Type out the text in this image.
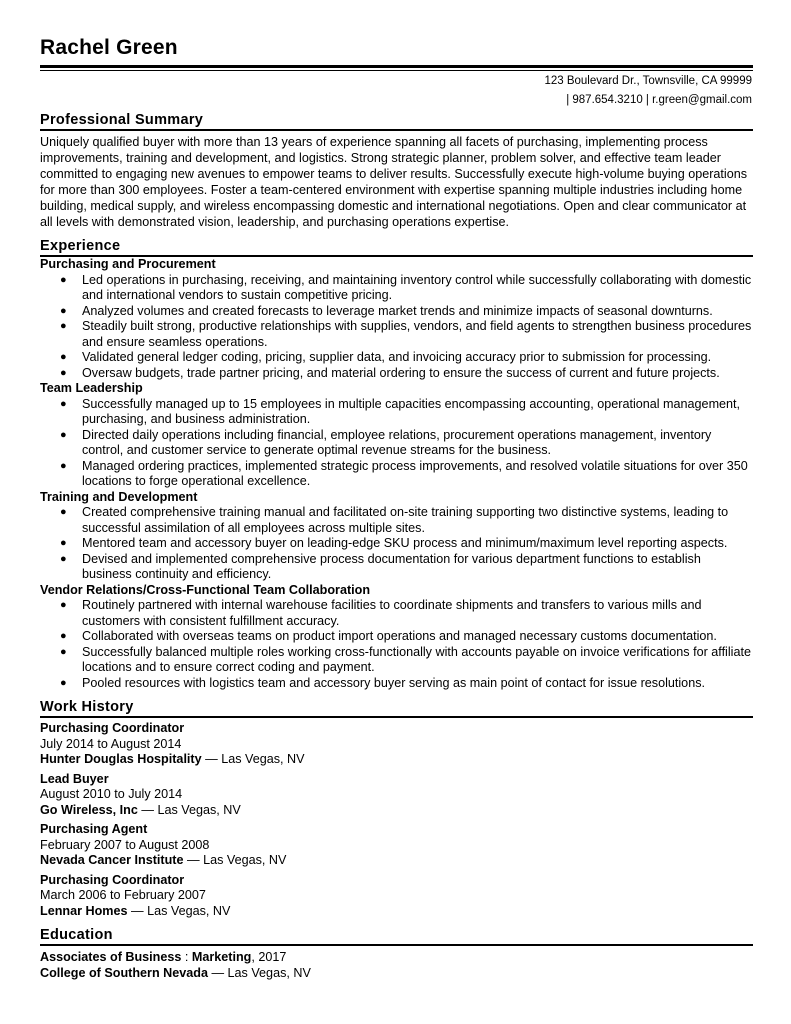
Rachel Green
123 Boulevard Dr., Townsville, CA 99999
| 987.654.3210 | r.green@gmail.com
Professional Summary
Uniquely qualified buyer with more than 13 years of experience spanning all facets of purchasing, implementing process improvements, training and development, and logistics. Strong strategic planner, problem solver, and effective team leader committed to engaging new avenues to empower teams to deliver results. Successfully execute high-volume buying operations for more than 300 employees. Foster a team-centered environment with expertise spanning multiple industries including home building, medical supply, and wireless encompassing domestic and international negotiations. Open and clear communicator at all levels with demonstrated vision, leadership, and purchasing operations expertise.
Experience
Purchasing and Procurement
● Led operations in purchasing, receiving, and maintaining inventory control while successfully collaborating with domestic and international vendors to sustain competitive pricing.
● Analyzed volumes and created forecasts to leverage market trends and minimize impacts of seasonal downturns.
● Steadily built strong, productive relationships with supplies, vendors, and field agents to strengthen business procedures and ensure seamless operations.
● Validated general ledger coding, pricing, supplier data, and invoicing accuracy prior to submission for processing.
● Oversaw budgets, trade partner pricing, and material ordering to ensure the success of current and future projects.
Team Leadership
● Successfully managed up to 15 employees in multiple capacities encompassing accounting, operational management, purchasing, and business administration.
● Directed daily operations including financial, employee relations, procurement operations management, inventory control, and customer service to generate optimal revenue streams for the business.
● Managed ordering practices, implemented strategic process improvements, and resolved volatile situations for over 350 locations to forge operational excellence.
Training and Development
● Created comprehensive training manual and facilitated on-site training supporting two distinctive systems, leading to successful assimilation of all employees across multiple sites.
● Mentored team and accessory buyer on leading-edge SKU process and minimum/maximum level reporting aspects.
● Devised and implemented comprehensive process documentation for various department functions to establish business continuity and efficiency.
Vendor Relations/Cross-Functional Team Collaboration
● Routinely partnered with internal warehouse facilities to coordinate shipments and transfers to various mills and customers with consistent fulfillment accuracy.
● Collaborated with overseas teams on product import operations and managed necessary customs documentation.
● Successfully balanced multiple roles working cross-functionally with accounts payable on invoice verifications for affiliate locations and to ensure correct coding and payment.
● Pooled resources with logistics team and accessory buyer serving as main point of contact for issue resolutions.
Work History
Purchasing Coordinator
July 2014 to August 2014
Hunter Douglas Hospitality — Las Vegas, NV
Lead Buyer
August 2010 to July 2014
Go Wireless, Inc — Las Vegas, NV
Purchasing Agent
February 2007 to August 2008
Nevada Cancer Institute — Las Vegas, NV
Purchasing Coordinator
March 2006 to February 2007
Lennar Homes — Las Vegas, NV
Education
Associates of Business : Marketing, 2017
College of Southern Nevada — Las Vegas, NV
